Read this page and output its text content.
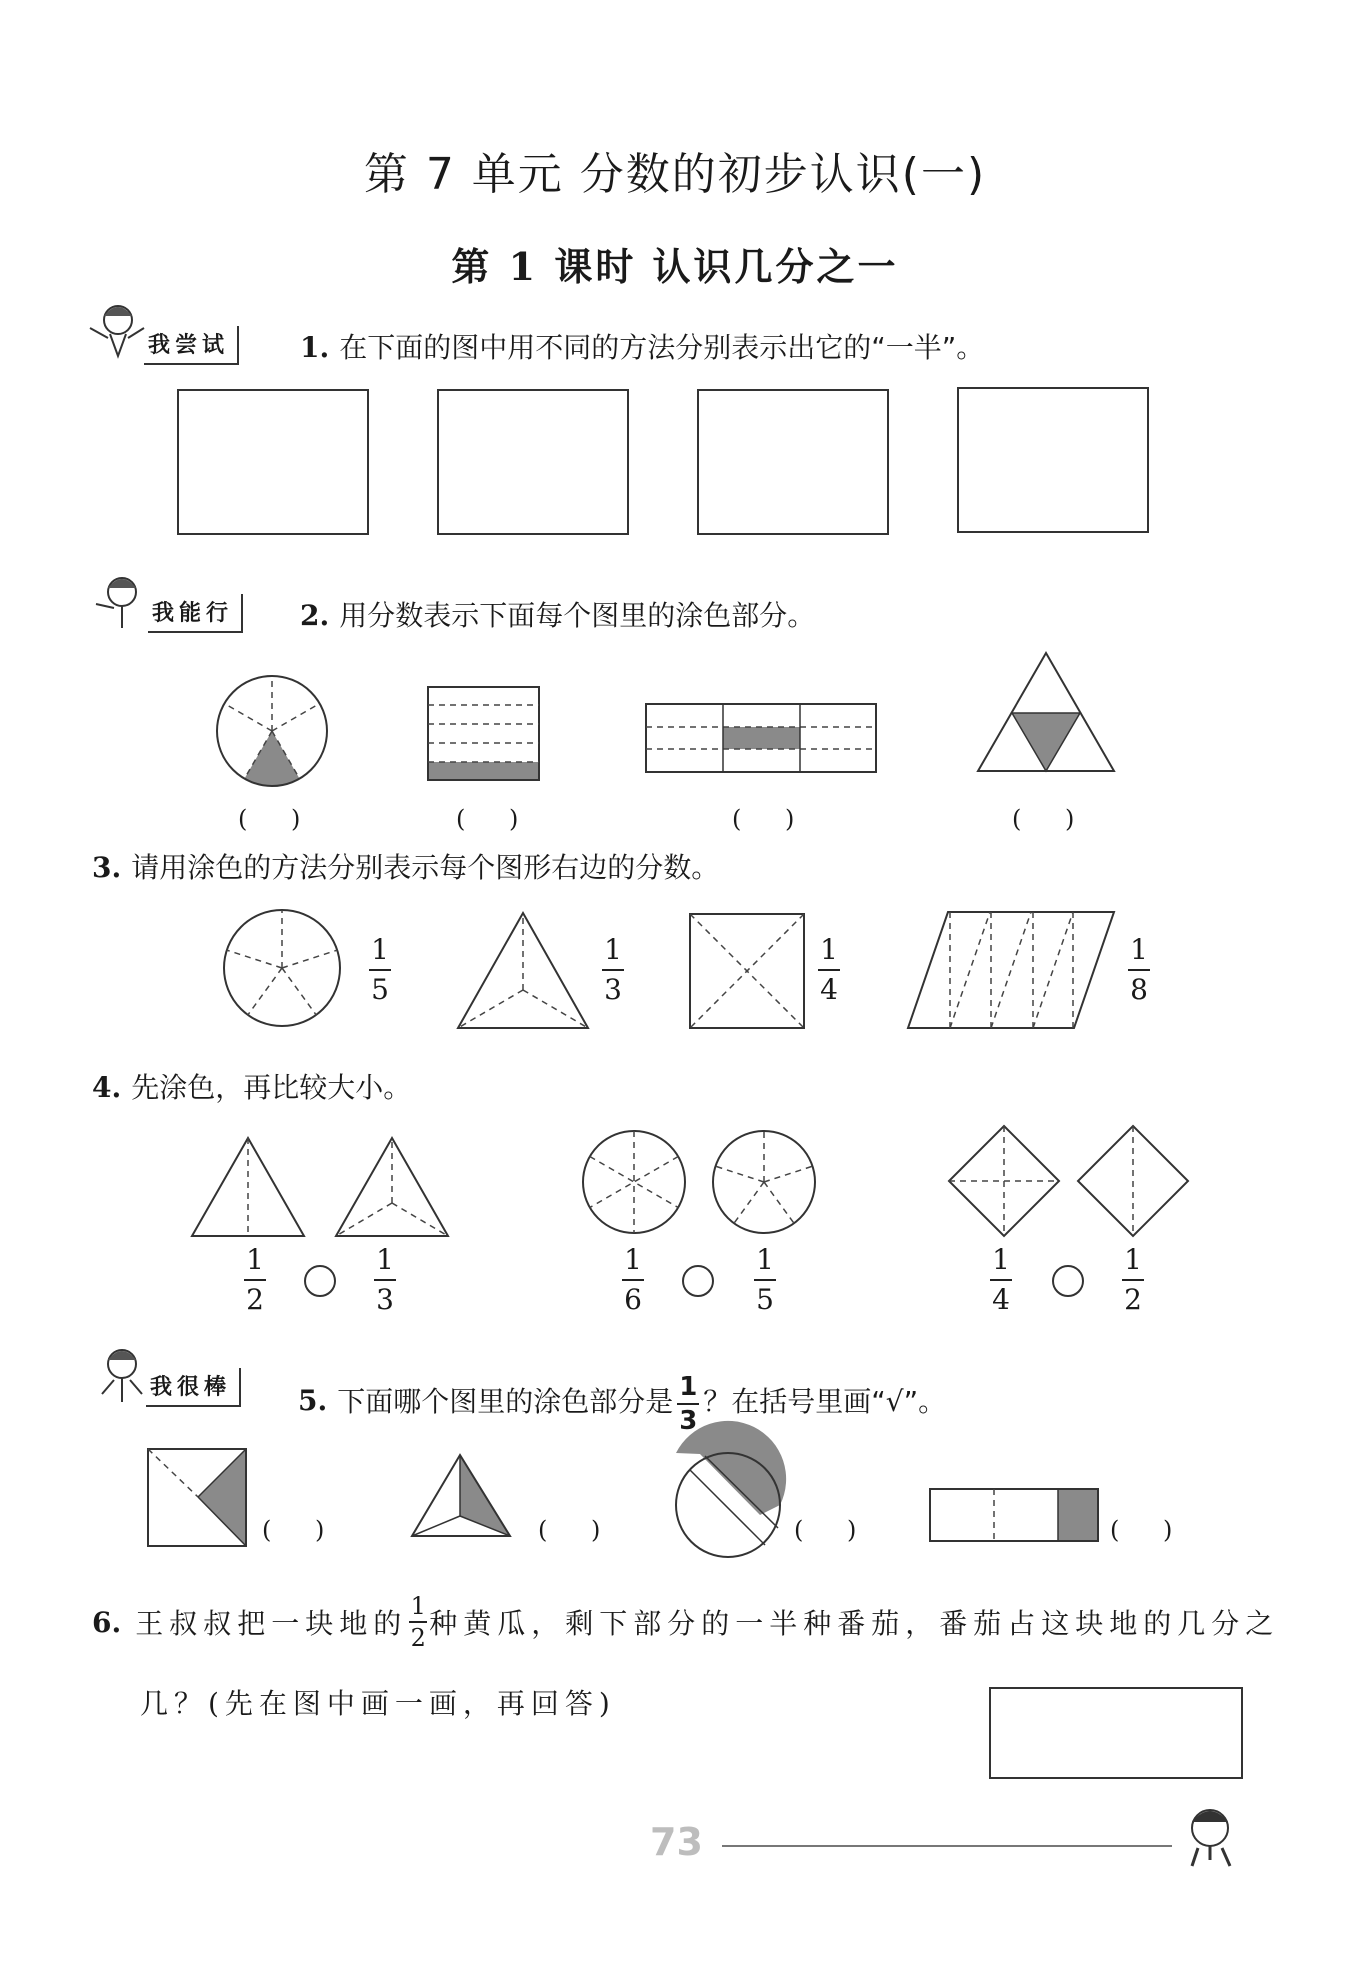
第 7 单元 分数的初步认识(一)
第 1 课时 认识几分之一
我尝试	1. 在下面的图中用不同的方法分别表示出它的“一半”。
我能行	2. 用分数表示下面每个图里的涂色部分。
( )	( )	( )	( )
3. 请用涂色的方法分别表示每个图形右边的分数。
1
5
1
3
1
4
1
8
4. 先涂色，再比较大小。
1
2
1
3
1
6
1
5
1
4
1
2
我很棒	5. 下面哪个图里的涂色部分是 $\frac{1}{3}$ ？在括号里画“√”。
( )	( )	( )	( )
6. 王叔叔把一块地的 $\frac{1}{2}$ 种黄瓜，剩下部分的一半种番茄，番茄占这块地的几分之
几？(先在图中画一画，再回答)
73
